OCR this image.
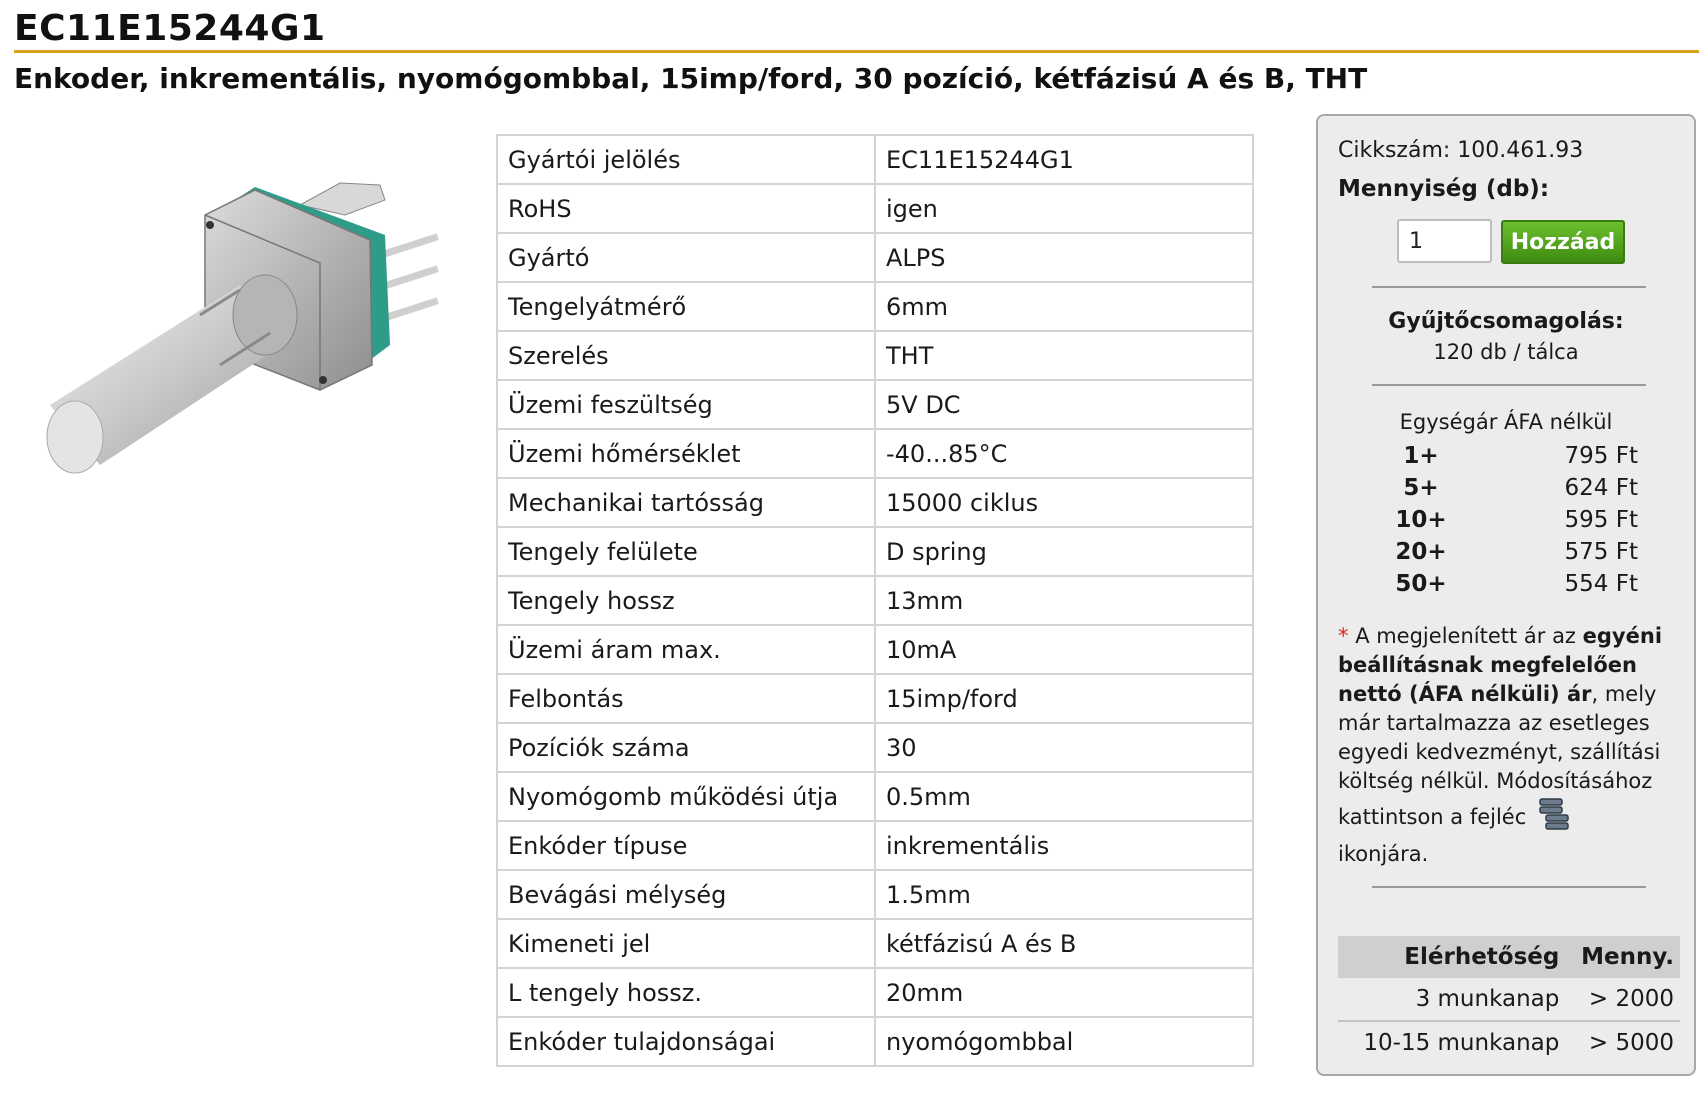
EC11E15244G1
Enkoder, inkrementális, nyomógombbal, 15imp/ford, 30 pozíció, kétfázisú A és B, THT
Gyártói jelölés	EC11E15244G1
RoHS	igen
Gyártó	ALPS
Tengelyátmérő	6mm
Szerelés	THT
Üzemi feszültség	5V DC
Üzemi hőmérséklet	-40...85°C
Mechanikai tartósság	15000 ciklus
Tengely felülete	D spring
Tengely hossz	13mm
Üzemi áram max.	10mA
Felbontás	15imp/ford
Pozíciók száma	30
Nyomógomb működési útja	0.5mm
Enkóder típuse	inkrementális
Bevágási mélység	1.5mm
Kimeneti jel	kétfázisú A és B
L tengely hossz.	20mm
Enkóder tulajdonságai	nyomógombbal
Cikkszám: 100.461.93
Mennyiség (db):
1
Hozzáad
Gyűjtőcsomagolás:
120 db / tálca
Egységár ÁFA nélkül
1+	795 Ft
5+	624 Ft
10+	595 Ft
20+	575 Ft
50+	554 Ft
* A megjelenített ár az egyéni beállításnak megfelelően nettó (ÁFA nélküli) ár, mely már tartalmazza az esetleges egyedi kedvezményt, szállítási költség nélkül. Módosításához kattintson a fejléc
ikonjára.
Elérhetőség	Menny.
3 munkanap	> 2000
10-15 munkanap	> 5000
